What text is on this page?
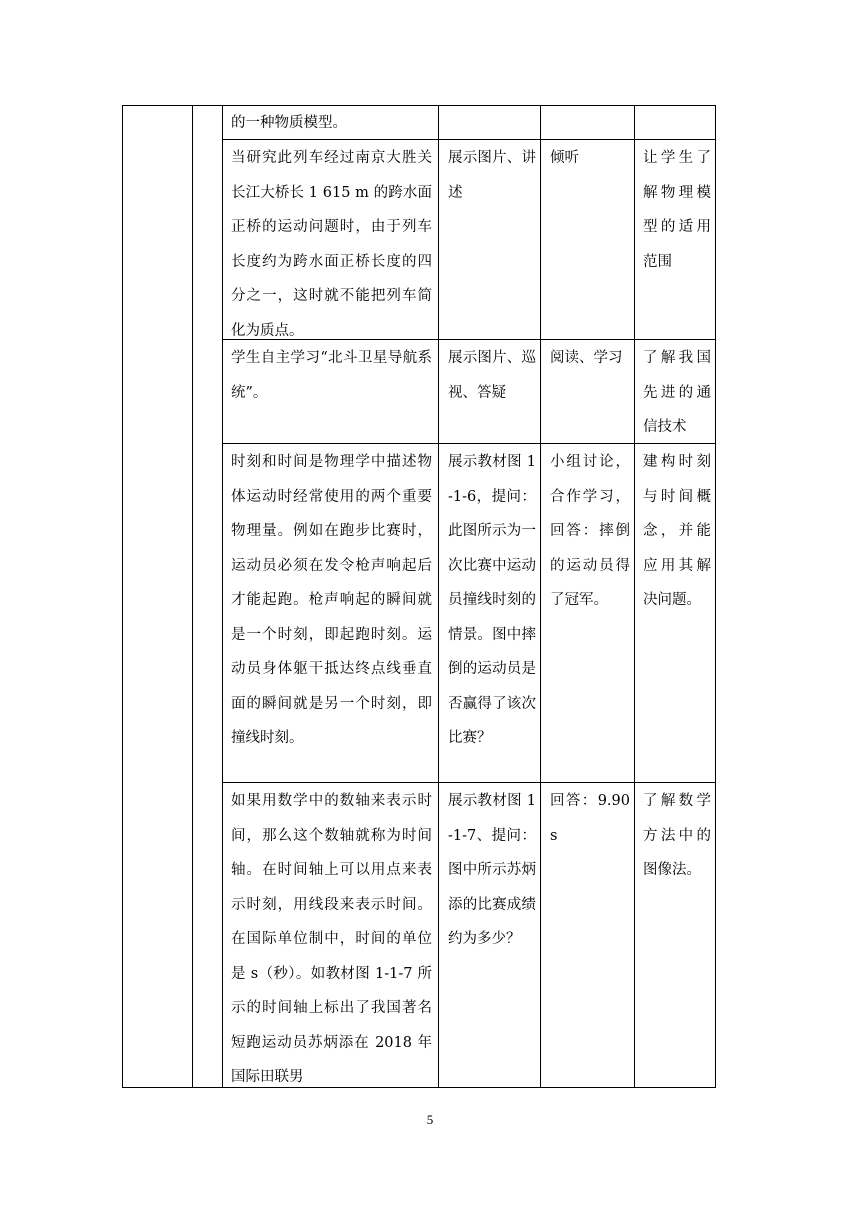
的一种物质模型。
当研究此列车经过南京大胜关长江大桥长 1 615 m 的跨水面正桥的运动问题时，由于列车长度约为跨水面正桥长度的四分之一，这时就不能把列车简化为质点。
展示图片、讲述
倾听	让学生了解物理模型的适用范围
学生自主学习“北斗卫星导航系统”。
展示图片、巡视、答疑
阅读、学习	了解我国先进的通信技术
时刻和时间是物理学中描述物体运动时经常使用的两个重要物理量。例如在跑步比赛时，运动员必须在发令枪声响起后才能起跑。枪声响起的瞬间就是一个时刻，即起跑时刻。运动员身体躯干抵达终点线垂直面的瞬间就是另一个时刻，即撞线时刻。
展示教材图 1-1-6，提问：此图所示为一次比赛中运动员撞线时刻的情景。图中摔倒的运动员是否赢得了该次比赛？
小组讨论，合作学习，回答：摔倒的运动员得了冠军。
建构时刻与时间概念，并能应用其解决问题。
如果用数学中的数轴来表示时间，那么这个数轴就称为时间轴。在时间轴上可以用点来表示时刻，用线段来表示时间。在国际单位制中，时间的单位是 s（秒）。如教材图 1-1-7 所示的时间轴上标出了我国著名短跑运动员苏炳添在 2018 年国际田联男
展示教材图 1-1-7、提问：图中所示苏炳添的比赛成绩约为多少？
回答：9.90 s
了解数学方法中的图像法。
5
